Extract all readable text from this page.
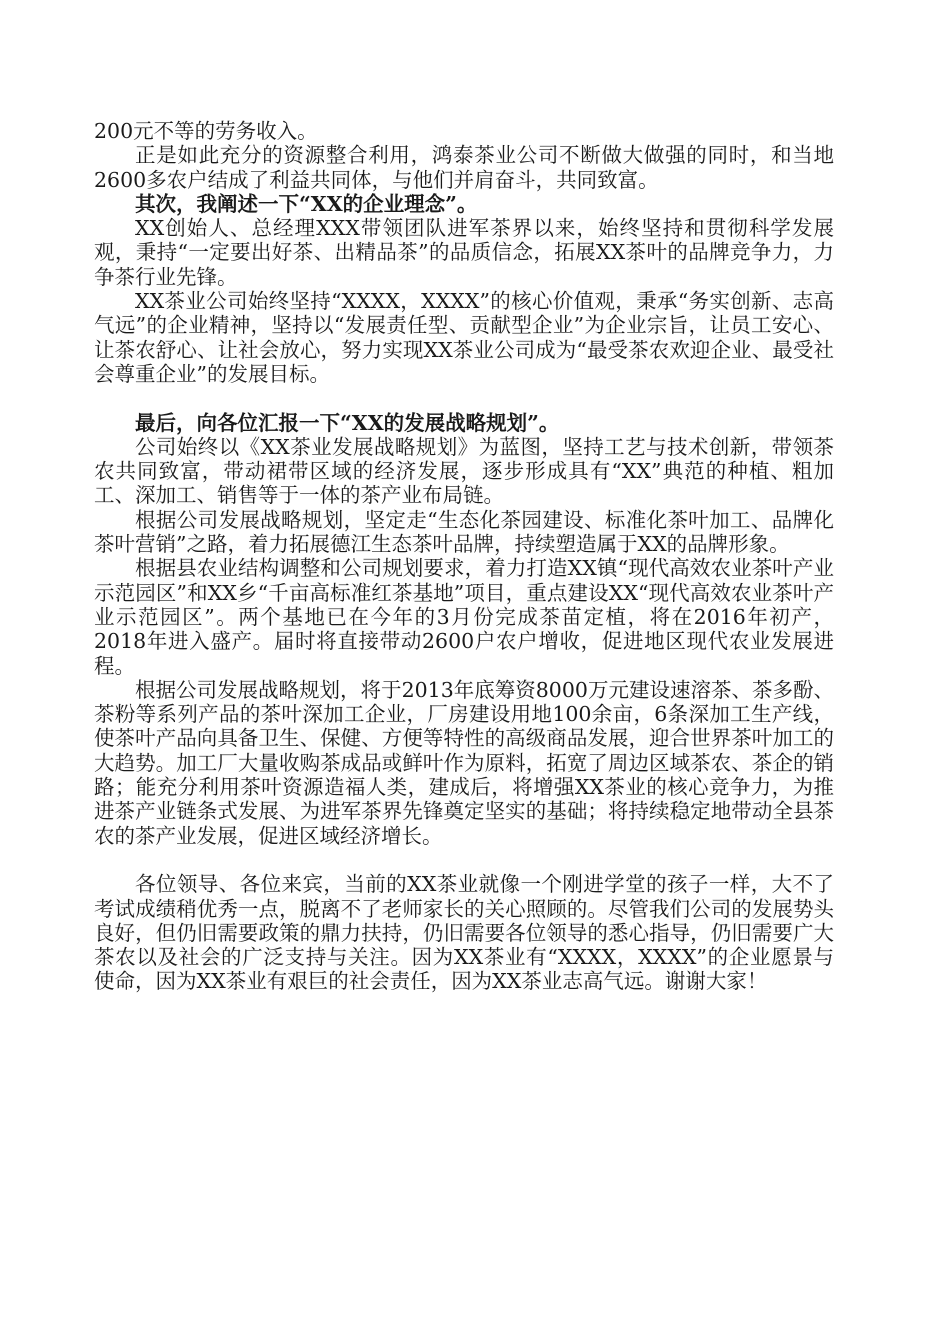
200元不等的劳务收入。

正是如此充分的资源整合利用，鸿泰茶业公司不断做大做强的同时，和当地2600多农户结成了利益共同体，与他们并肩奋斗，共同致富。

其次，我阐述一下“XX的企业理念”。

XX创始人、总经理XXX带领团队进军茶界以来，始终坚持和贯彻科学发展观，秉持“一定要出好茶、出精品茶”的品质信念，拓展XX茶叶的品牌竞争力，力争茶行业先锋。

XX茶业公司始终坚持“XXXX，XXXX”的核心价值观，秉承“务实创新、志高气远”的企业精神，坚持以“发展责任型、贡献型企业”为企业宗旨，让员工安心、让茶农舒心、让社会放心，努力实现XX茶业公司成为“最受茶农欢迎企业、最受社会尊重企业”的发展目标。

最后，向各位汇报一下“XX的发展战略规划”。

公司始终以《XX茶业发展战略规划》为蓝图，坚持工艺与技术创新，带领茶农共同致富，带动裙带区域的经济发展，逐步形成具有“XX”典范的种植、粗加工、深加工、销售等于一体的茶产业布局链。

根据公司发展战略规划，坚定走“生态化茶园建设、标准化茶叶加工、品牌化茶叶营销”之路，着力拓展德江生态茶叶品牌，持续塑造属于XX的品牌形象。

根据县农业结构调整和公司规划要求，着力打造XX镇“现代高效农业茶叶产业示范园区”和XX乡“千亩高标准红茶基地”项目，重点建设XX“现代高效农业茶叶产业示范园区”。两个基地已在今年的3月份完成茶苗定植，将在2016年初产，2018年进入盛产。届时将直接带动2600户农户增收，促进地区现代农业发展进程。

根据公司发展战略规划，将于2013年底筹资8000万元建设速溶茶、茶多酚、茶粉等系列产品的茶叶深加工企业，厂房建设用地100余亩，6条深加工生产线，使茶叶产品向具备卫生、保健、方便等特性的高级商品发展，迎合世界茶叶加工的大趋势。加工厂大量收购茶成品或鲜叶作为原料，拓宽了周边区域茶农、茶企的销路；能充分利用茶叶资源造福人类，建成后，将增强XX茶业的核心竞争力，为推进茶产业链条式发展、为进军茶界先锋奠定坚实的基础；将持续稳定地带动全县茶农的茶产业发展，促进区域经济增长。

各位领导、各位来宾，当前的XX茶业就像一个刚进学堂的孩子一样，大不了考试成绩稍优秀一点，脱离不了老师家长的关心照顾的。尽管我们公司的发展势头良好，但仍旧需要政策的鼎力扶持，仍旧需要各位领导的悉心指导，仍旧需要广大茶农以及社会的广泛支持与关注。因为XX茶业有“XXXX，XXXX”的企业愿景与使命，因为XX茶业有艰巨的社会责任，因为XX茶业志高气远。谢谢大家！
